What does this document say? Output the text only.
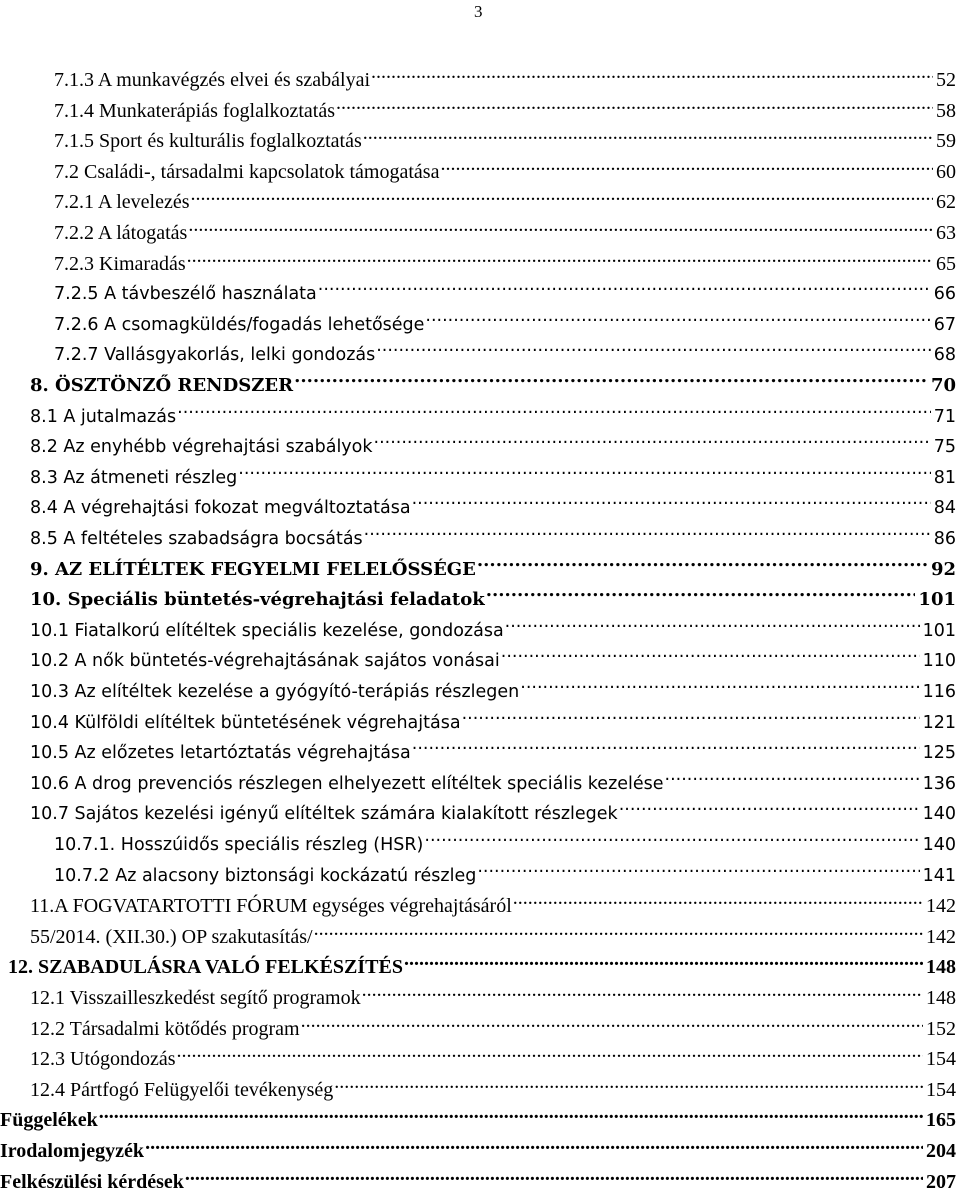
3
7.1.3 A munkavégzés elvei és szabályai .....	52
7.1.4 Munkaterápiás foglalkoztatás .....	58
7.1.5 Sport és kulturális foglalkoztatás .....	59
7.2 Családi-, társadalmi kapcsolatok támogatása .....	60
7.2.1 A levelezés .....	62
7.2.2 A látogatás .....	63
7.2.3 Kimaradás .....	65
7.2.5 A távbeszélő használata .....	66
7.2.6 A csomagküldés/fogadás lehetősége .....	67
7.2.7 Vallásgyakorlás, lelki gondozás .....	68
8. ÖSZTÖNZŐ RENDSZER .....	70
8.1 A jutalmazás .....	71
8.2 Az enyhébb végrehajtási szabályok .....	75
8.3 Az átmeneti részleg .....	81
8.4 A végrehajtási fokozat megváltoztatása .....	84
8.5 A feltételes szabadságra bocsátás .....	86
9. AZ ELÍTÉLTEK FEGYELMI FELELŐSSÉGE .....	92
10. Speciális büntetés-végrehajtási feladatok .....	101
10.1 Fiatalkorú elítéltek speciális kezelése, gondozása .....	101
10.2 A nők büntetés-végrehajtásának sajátos vonásai .....	110
10.3 Az elítéltek kezelése a gyógyító-terápiás részlegen .....	116
10.4 Külföldi elítéltek büntetésének végrehajtása .....	121
10.5 Az előzetes letartóztatás végrehajtása .....	125
10.6 A drog prevenciós részlegen elhelyezett elítéltek speciális kezelése .....	136
10.7 Sajátos kezelési igényű elítéltek számára kialakított részlegek .....	140
10.7.1. Hosszúidős speciális részleg (HSR) .....	140
10.7.2 Az alacsony biztonsági kockázatú részleg .....	141
11.A FOGVATARTOTTI FÓRUM egységes végrehajtásáról .....	142
55/2014. (XII.30.) OP szakutasítás/ .....	142
12. SZABADULÁSRA VALÓ FELKÉSZÍTÉS .....	148
12.1 Visszailleszkedést segítő programok .....	148
12.2 Társadalmi kötődés program .....	152
12.3 Utógondozás .....	154
12.4 Pártfogó Felügyelői tevékenység .....	154
Függelékek .....	165
Irodalomjegyzék .....	204
Felkészülési kérdések .....	207
